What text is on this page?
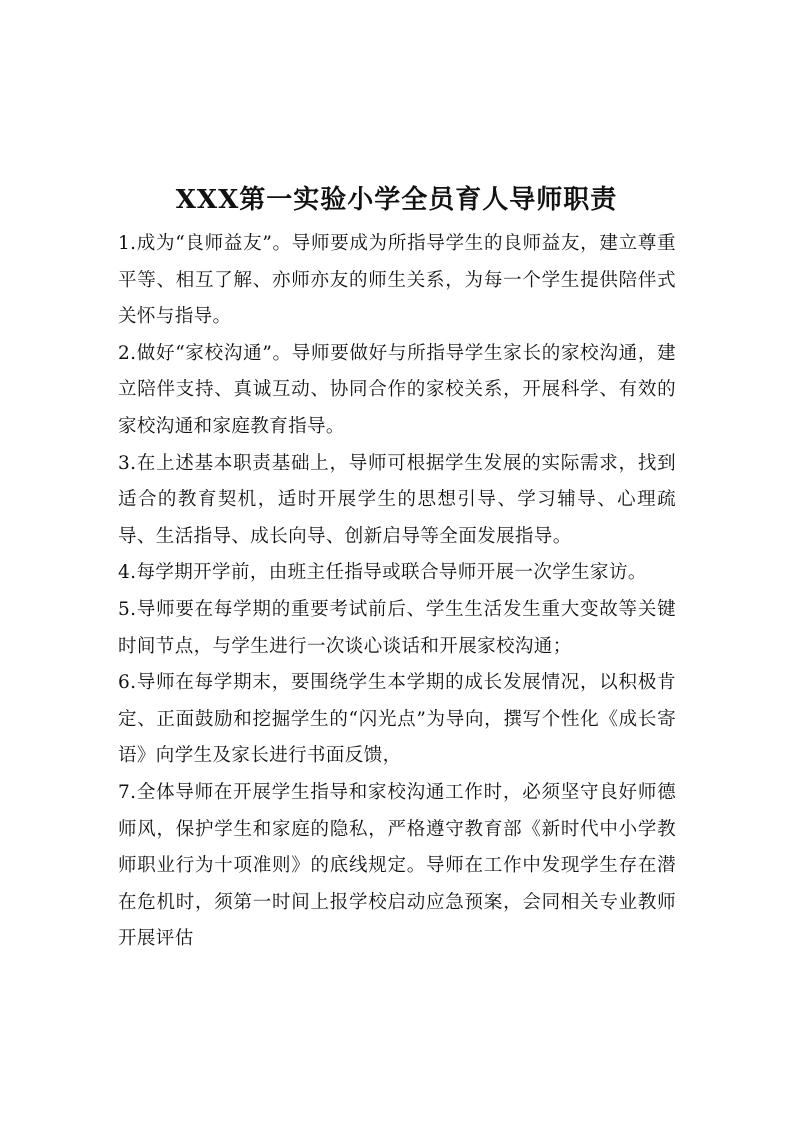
XXX第一实验小学全员育人导师职责

1.成为“良师益友”。导师要成为所指导学生的良师益友，建立尊重平等、相互了解、亦师亦友的师生关系，为每一个学生提供陪伴式关怀与指导。

2.做好“家校沟通”。导师要做好与所指导学生家长的家校沟通，建立陪伴支持、真诚互动、协同合作的家校关系，开展科学、有效的家校沟通和家庭教育指导。

3.在上述基本职责基础上，导师可根据学生发展的实际需求，找到适合的教育契机，适时开展学生的思想引导、学习辅导、心理疏导、生活指导、成长向导、创新启导等全面发展指导。

4.每学期开学前，由班主任指导或联合导师开展一次学生家访。

5.导师要在每学期的重要考试前后、学生生活发生重大变故等关键时间节点，与学生进行一次谈心谈话和开展家校沟通；

6.导师在每学期末，要围绕学生本学期的成长发展情况，以积极肯定、正面鼓励和挖掘学生的“闪光点”为导向，撰写个性化《成长寄语》向学生及家长进行书面反馈，

7.全体导师在开展学生指导和家校沟通工作时，必须坚守良好师德师风，保护学生和家庭的隐私，严格遵守教育部《新时代中小学教师职业行为十项准则》的底线规定。导师在工作中发现学生存在潜在危机时，须第一时间上报学校启动应急预案，会同相关专业教师开展评估
